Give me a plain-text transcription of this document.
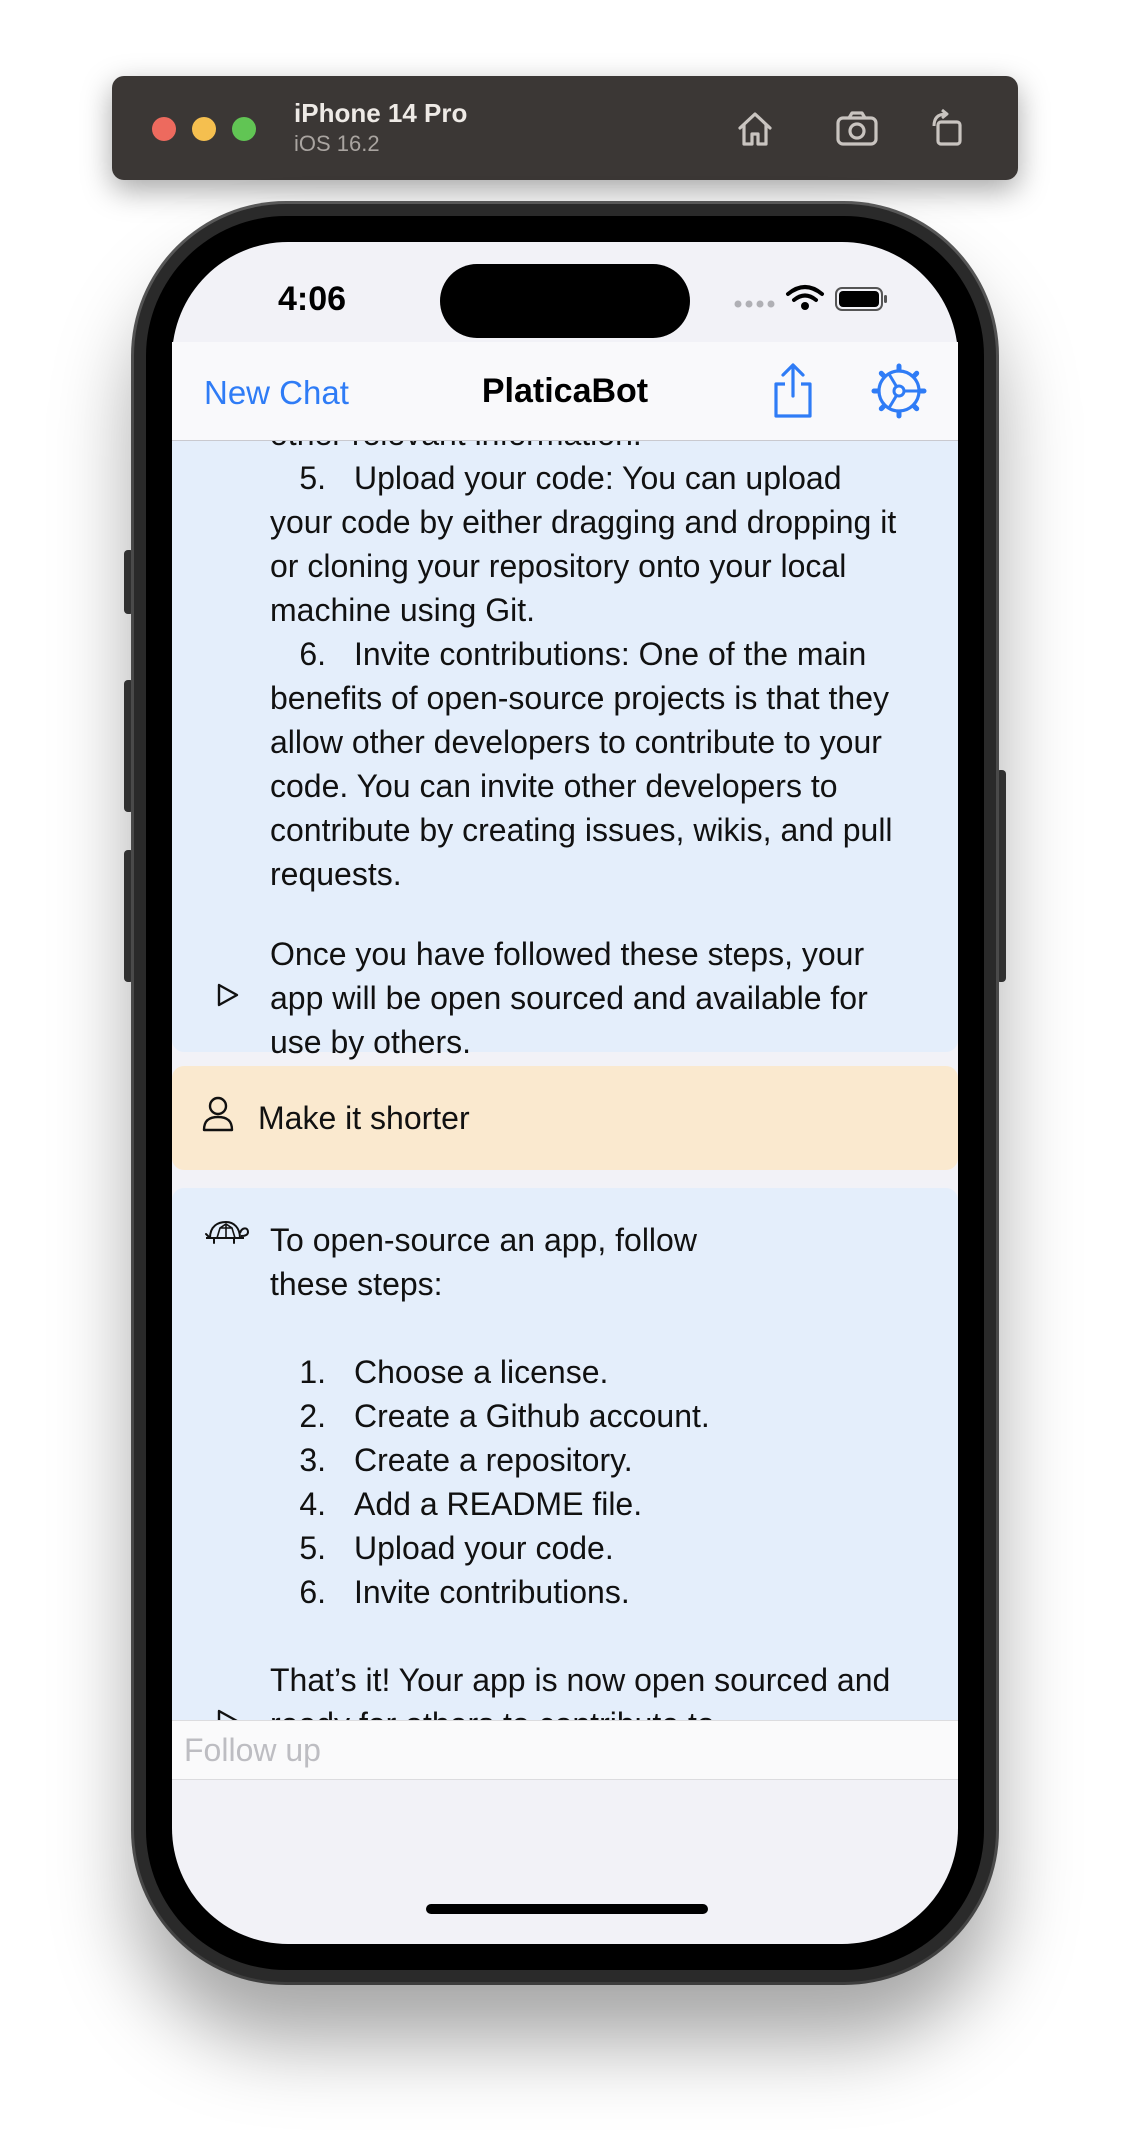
iPhone 14 Pro
iOS 16.2
4:06
New Chat	PlaticaBot

5. Upload your code: You can upload your code by either dragging and dropping it or cloning your repository onto your local machine using Git.

6. Invite contributions: One of the main benefits of open-source projects is that they allow other developers to contribute to your code. You can invite other developers to contribute by creating issues, wikis, and pull requests.

Once you have followed these steps, your app will be open sourced and available for use by others.

Make it shorter
To open-source an app, follow these steps:
1. Choose a license.
2. Create a Github account.
3. Create a repository.
4. Add a README file.
5. Upload your code.
6. Invite contributions.
That’s it! Your app is now open sourced and
Follow up
